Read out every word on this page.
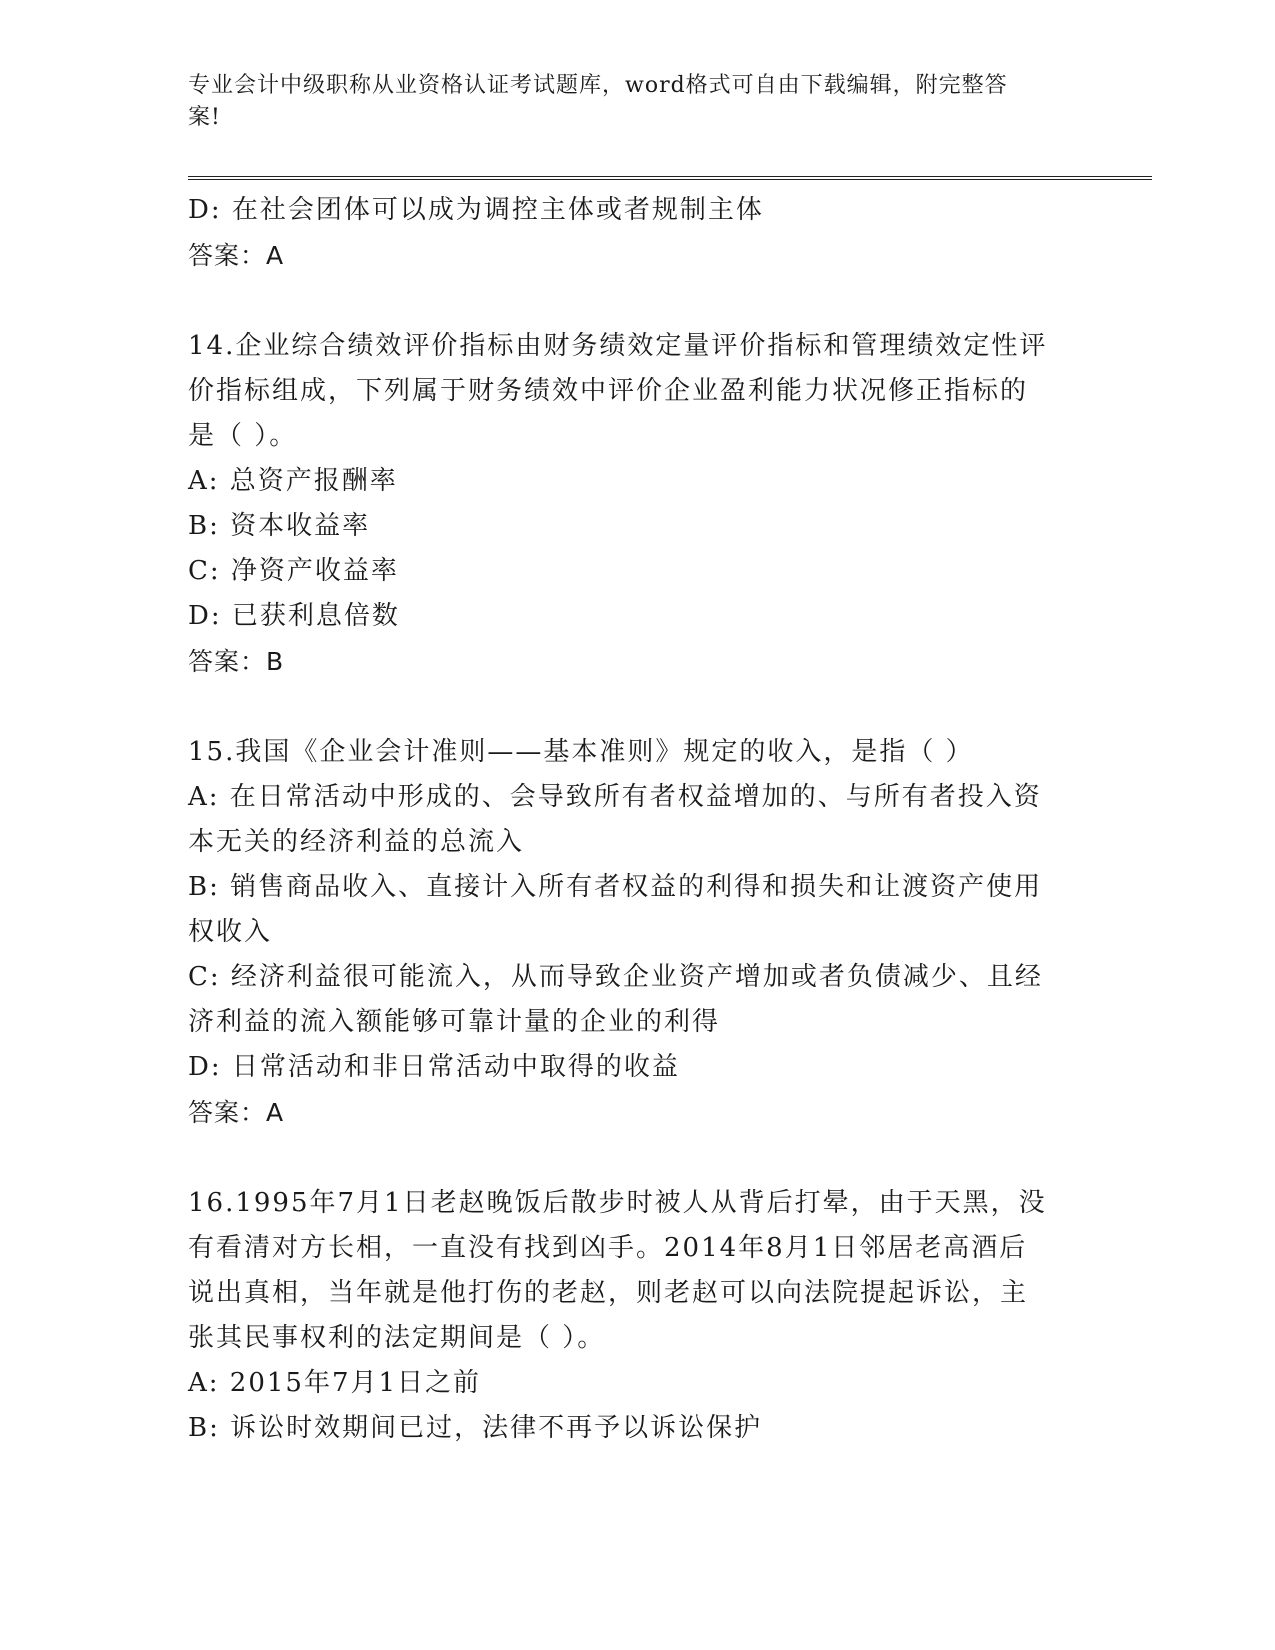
专业会计中级职称从业资格认证考试题库，word格式可自由下载编辑，附完整答
案!
D: 在社会团体可以成为调控主体或者规制主体
答案：A
14.企业综合绩效评价指标由财务绩效定量评价指标和管理绩效定性评
价指标组成，下列属于财务绩效中评价企业盈利能力状况修正指标的
是（ ）。
A: 总资产报酬率
B: 资本收益率
C: 净资产收益率
D: 已获利息倍数
答案：B
15.我国《企业会计准则——基本准则》规定的收入，是指（ ）
A: 在日常活动中形成的、会导致所有者权益增加的、与所有者投入资
本无关的经济利益的总流入
B: 销售商品收入、直接计入所有者权益的利得和损失和让渡资产使用
权收入
C: 经济利益很可能流入，从而导致企业资产增加或者负债减少、且经
济利益的流入额能够可靠计量的企业的利得
D: 日常活动和非日常活动中取得的收益
答案：A
16.1995年7月1日老赵晚饭后散步时被人从背后打晕，由于天黑，没
有看清对方长相，一直没有找到凶手。2014年8月1日邻居老高酒后
说出真相，当年就是他打伤的老赵，则老赵可以向法院提起诉讼，主
张其民事权利的法定期间是（ ）。
A: 2015年7月1日之前
B: 诉讼时效期间已过，法律不再予以诉讼保护
